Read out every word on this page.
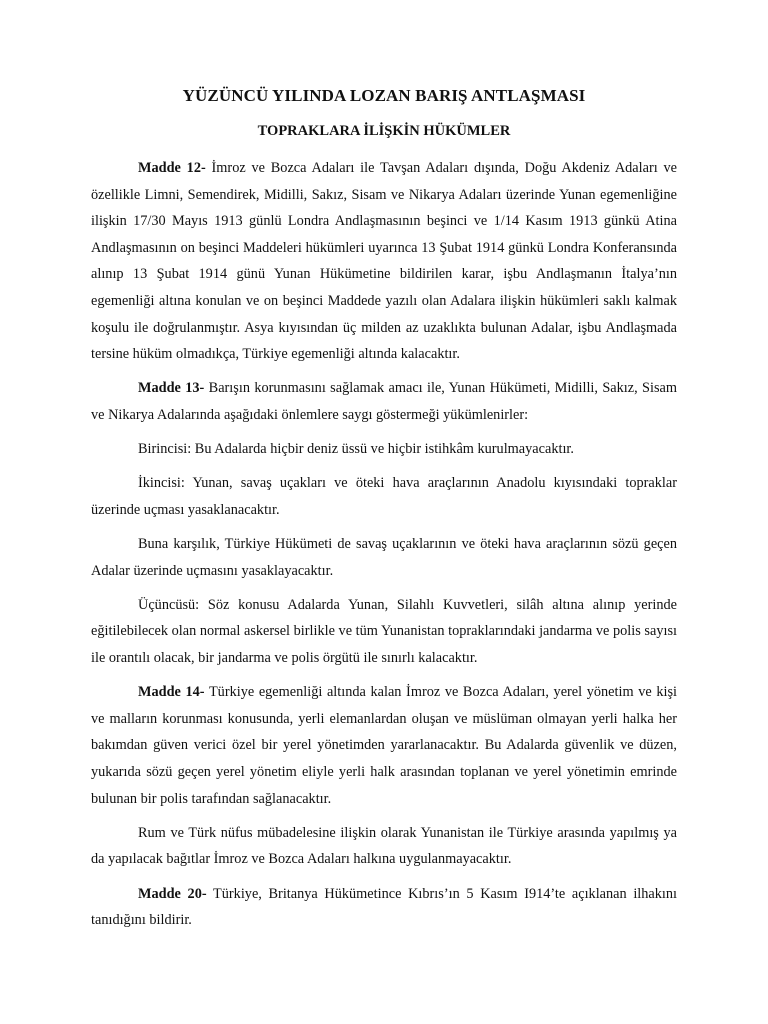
YÜZÜNCÜ YILINDA LOZAN BARIŞ ANTLAŞMASI
TOPRAKLARA İLİŞKİN HÜKÜMLER

Madde 12- İmroz ve Bozca Adaları ile Tavşan Adaları dışında, Doğu Akdeniz Adaları ve özellikle Limni, Semendirek, Midilli, Sakız, Sisam ve Nikarya Adaları üzerinde Yunan egemenliğine ilişkin 17/30 Mayıs 1913 günlü Londra Andlaşmasının beşinci ve 1/14 Kasım 1913 günkü Atina Andlaşmasının on beşinci Maddeleri hükümleri uyarınca 13 Şubat 1914 günkü Londra Konferansında alınıp 13 Şubat 1914 günü Yunan Hükümetine bildirilen karar, işbu Andlaşmanın İtalya’nın egemenliği altına konulan ve on beşinci Maddede yazılı olan Adalara ilişkin hükümleri saklı kalmak koşulu ile doğrulanmıştır. Asya kıyısından üç milden az uzaklıkta bulunan Adalar, işbu Andlaşmada tersine hüküm olmadıkça, Türkiye egemenliği altında kalacaktır.

Madde 13- Barışın korunmasını sağlamak amacı ile, Yunan Hükümeti, Midilli, Sakız, Sisam ve Nikarya Adalarında aşağıdaki önlemlere saygı göstermeği yükümlenirler:

Birincisi: Bu Adalarda hiçbir deniz üssü ve hiçbir istihkâm kurulmayacaktır.

İkincisi: Yunan, savaş uçakları ve öteki hava araçlarının Anadolu kıyısındaki topraklar üzerinde uçması yasaklanacaktır.

Buna karşılık, Türkiye Hükümeti de savaş uçaklarının ve öteki hava araçlarının sözü geçen Adalar üzerinde uçmasını yasaklayacaktır.

Üçüncüsü: Söz konusu Adalarda Yunan, Silahlı Kuvvetleri, silâh altına alınıp yerinde eğitilebilecek olan normal askersel birlikle ve tüm Yunanistan topraklarındaki jandarma ve polis sayısı ile orantılı olacak, bir jandarma ve polis örgütü ile sınırlı kalacaktır.

Madde 14- Türkiye egemenliği altında kalan İmroz ve Bozca Adaları, yerel yönetim ve kişi ve malların korunması konusunda, yerli elemanlardan oluşan ve müslüman olmayan yerli halka her bakımdan güven verici özel bir yerel yönetimden yararlanacaktır. Bu Adalarda güvenlik ve düzen, yukarıda sözü geçen yerel yönetim eliyle yerli halk arasından toplanan ve yerel yönetimin emrinde bulunan bir polis tarafından sağlanacaktır.

Rum ve Türk nüfus mübadelesine ilişkin olarak Yunanistan ile Türkiye arasında yapılmış ya da yapılacak bağıtlar İmroz ve Bozca Adaları halkına uygulanmayacaktır.

Madde 20- Türkiye, Britanya Hükümetince Kıbrıs’ın 5 Kasım I914’te açıklanan ilhakını tanıdığını bildirir.
